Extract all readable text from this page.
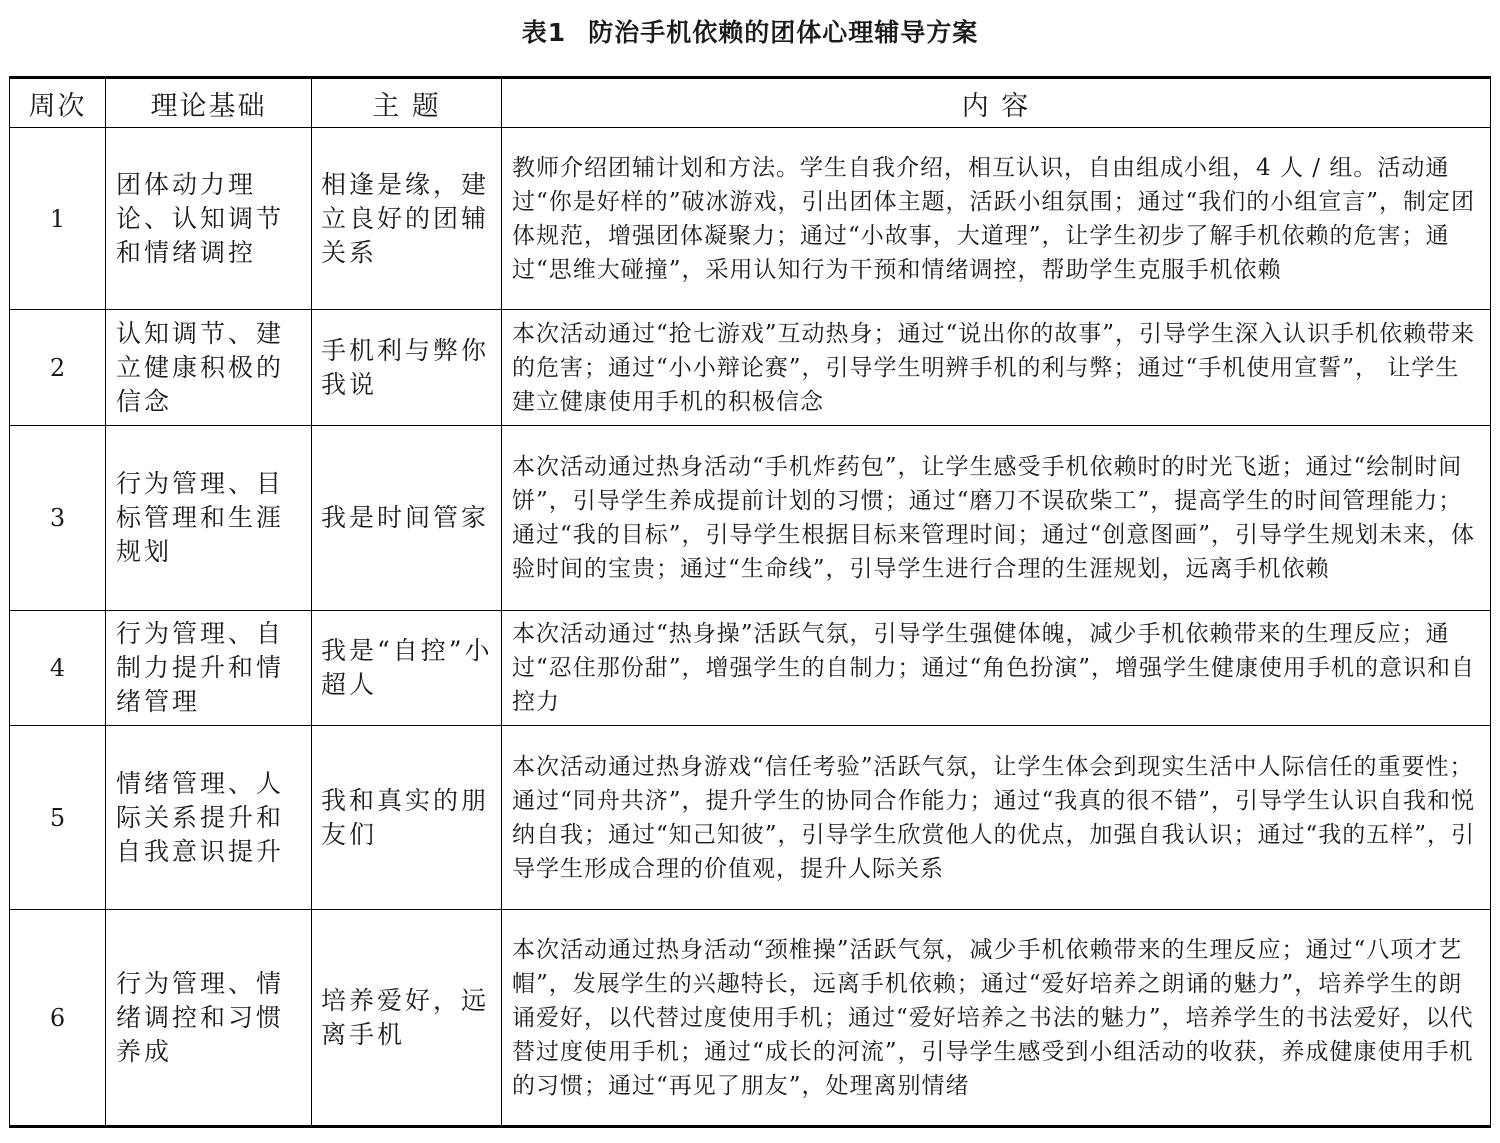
表1 防治手机依赖的团体心理辅导方案
周次	理论基础	主 题	内 容
1	团体动力理论、认知调节和情绪调控	相逢是缘，建立良好的团辅关系	教师介绍团辅计划和方法。学生自我介绍，相互认识，自由组成小组，4 人 / 组。活动通过“你是好样的”破冰游戏，引出团体主题，活跃小组氛围；通过“我们的小组宣言”，制定团体规范，增强团体凝聚力；通过“小故事，大道理”，让学生初步了解手机依赖的危害；通过“思维大碰撞”，采用认知行为干预和情绪调控，帮助学生克服手机依赖
2	认知调节、建立健康积极的信念	手机利与弊你我说	本次活动通过“抢七游戏”互动热身；通过“说出你的故事”，引导学生深入认识手机依赖带来的危害；通过“小小辩论赛”，引导学生明辨手机的利与弊；通过“手机使用宣誓”， 让学生建立健康使用手机的积极信念
3	行为管理、目标管理和生涯规划	我是时间管家	本次活动通过热身活动“手机炸药包”，让学生感受手机依赖时的时光飞逝；通过“绘制时间饼”，引导学生养成提前计划的习惯；通过“磨刀不误砍柴工”，提高学生的时间管理能力；通过“我的目标”，引导学生根据目标来管理时间；通过“创意图画”，引导学生规划未来，体验时间的宝贵；通过“生命线”，引导学生进行合理的生涯规划，远离手机依赖
4	行为管理、自制力提升和情绪管理	我是“自控”小超人	本次活动通过“热身操”活跃气氛，引导学生强健体魄，减少手机依赖带来的生理反应；通过“忍住那份甜”，增强学生的自制力；通过“角色扮演”，增强学生健康使用手机的意识和自控力
5	情绪管理、人际关系提升和自我意识提升	我和真实的朋友们	本次活动通过热身游戏“信任考验”活跃气氛，让学生体会到现实生活中人际信任的重要性；通过“同舟共济”，提升学生的协同合作能力；通过“我真的很不错”，引导学生认识自我和悦纳自我；通过“知己知彼”，引导学生欣赏他人的优点，加强自我认识；通过“我的五样”，引导学生形成合理的价值观，提升人际关系
6	行为管理、情绪调控和习惯养成	培养爱好，远离手机	本次活动通过热身活动“颈椎操”活跃气氛，减少手机依赖带来的生理反应；通过“八项才艺帽”，发展学生的兴趣特长，远离手机依赖；通过“爱好培养之朗诵的魅力”，培养学生的朗诵爱好，以代替过度使用手机；通过“爱好培养之书法的魅力”，培养学生的书法爱好，以代替过度使用手机；通过“成长的河流”，引导学生感受到小组活动的收获，养成健康使用手机的习惯；通过“再见了朋友”，处理离别情绪
